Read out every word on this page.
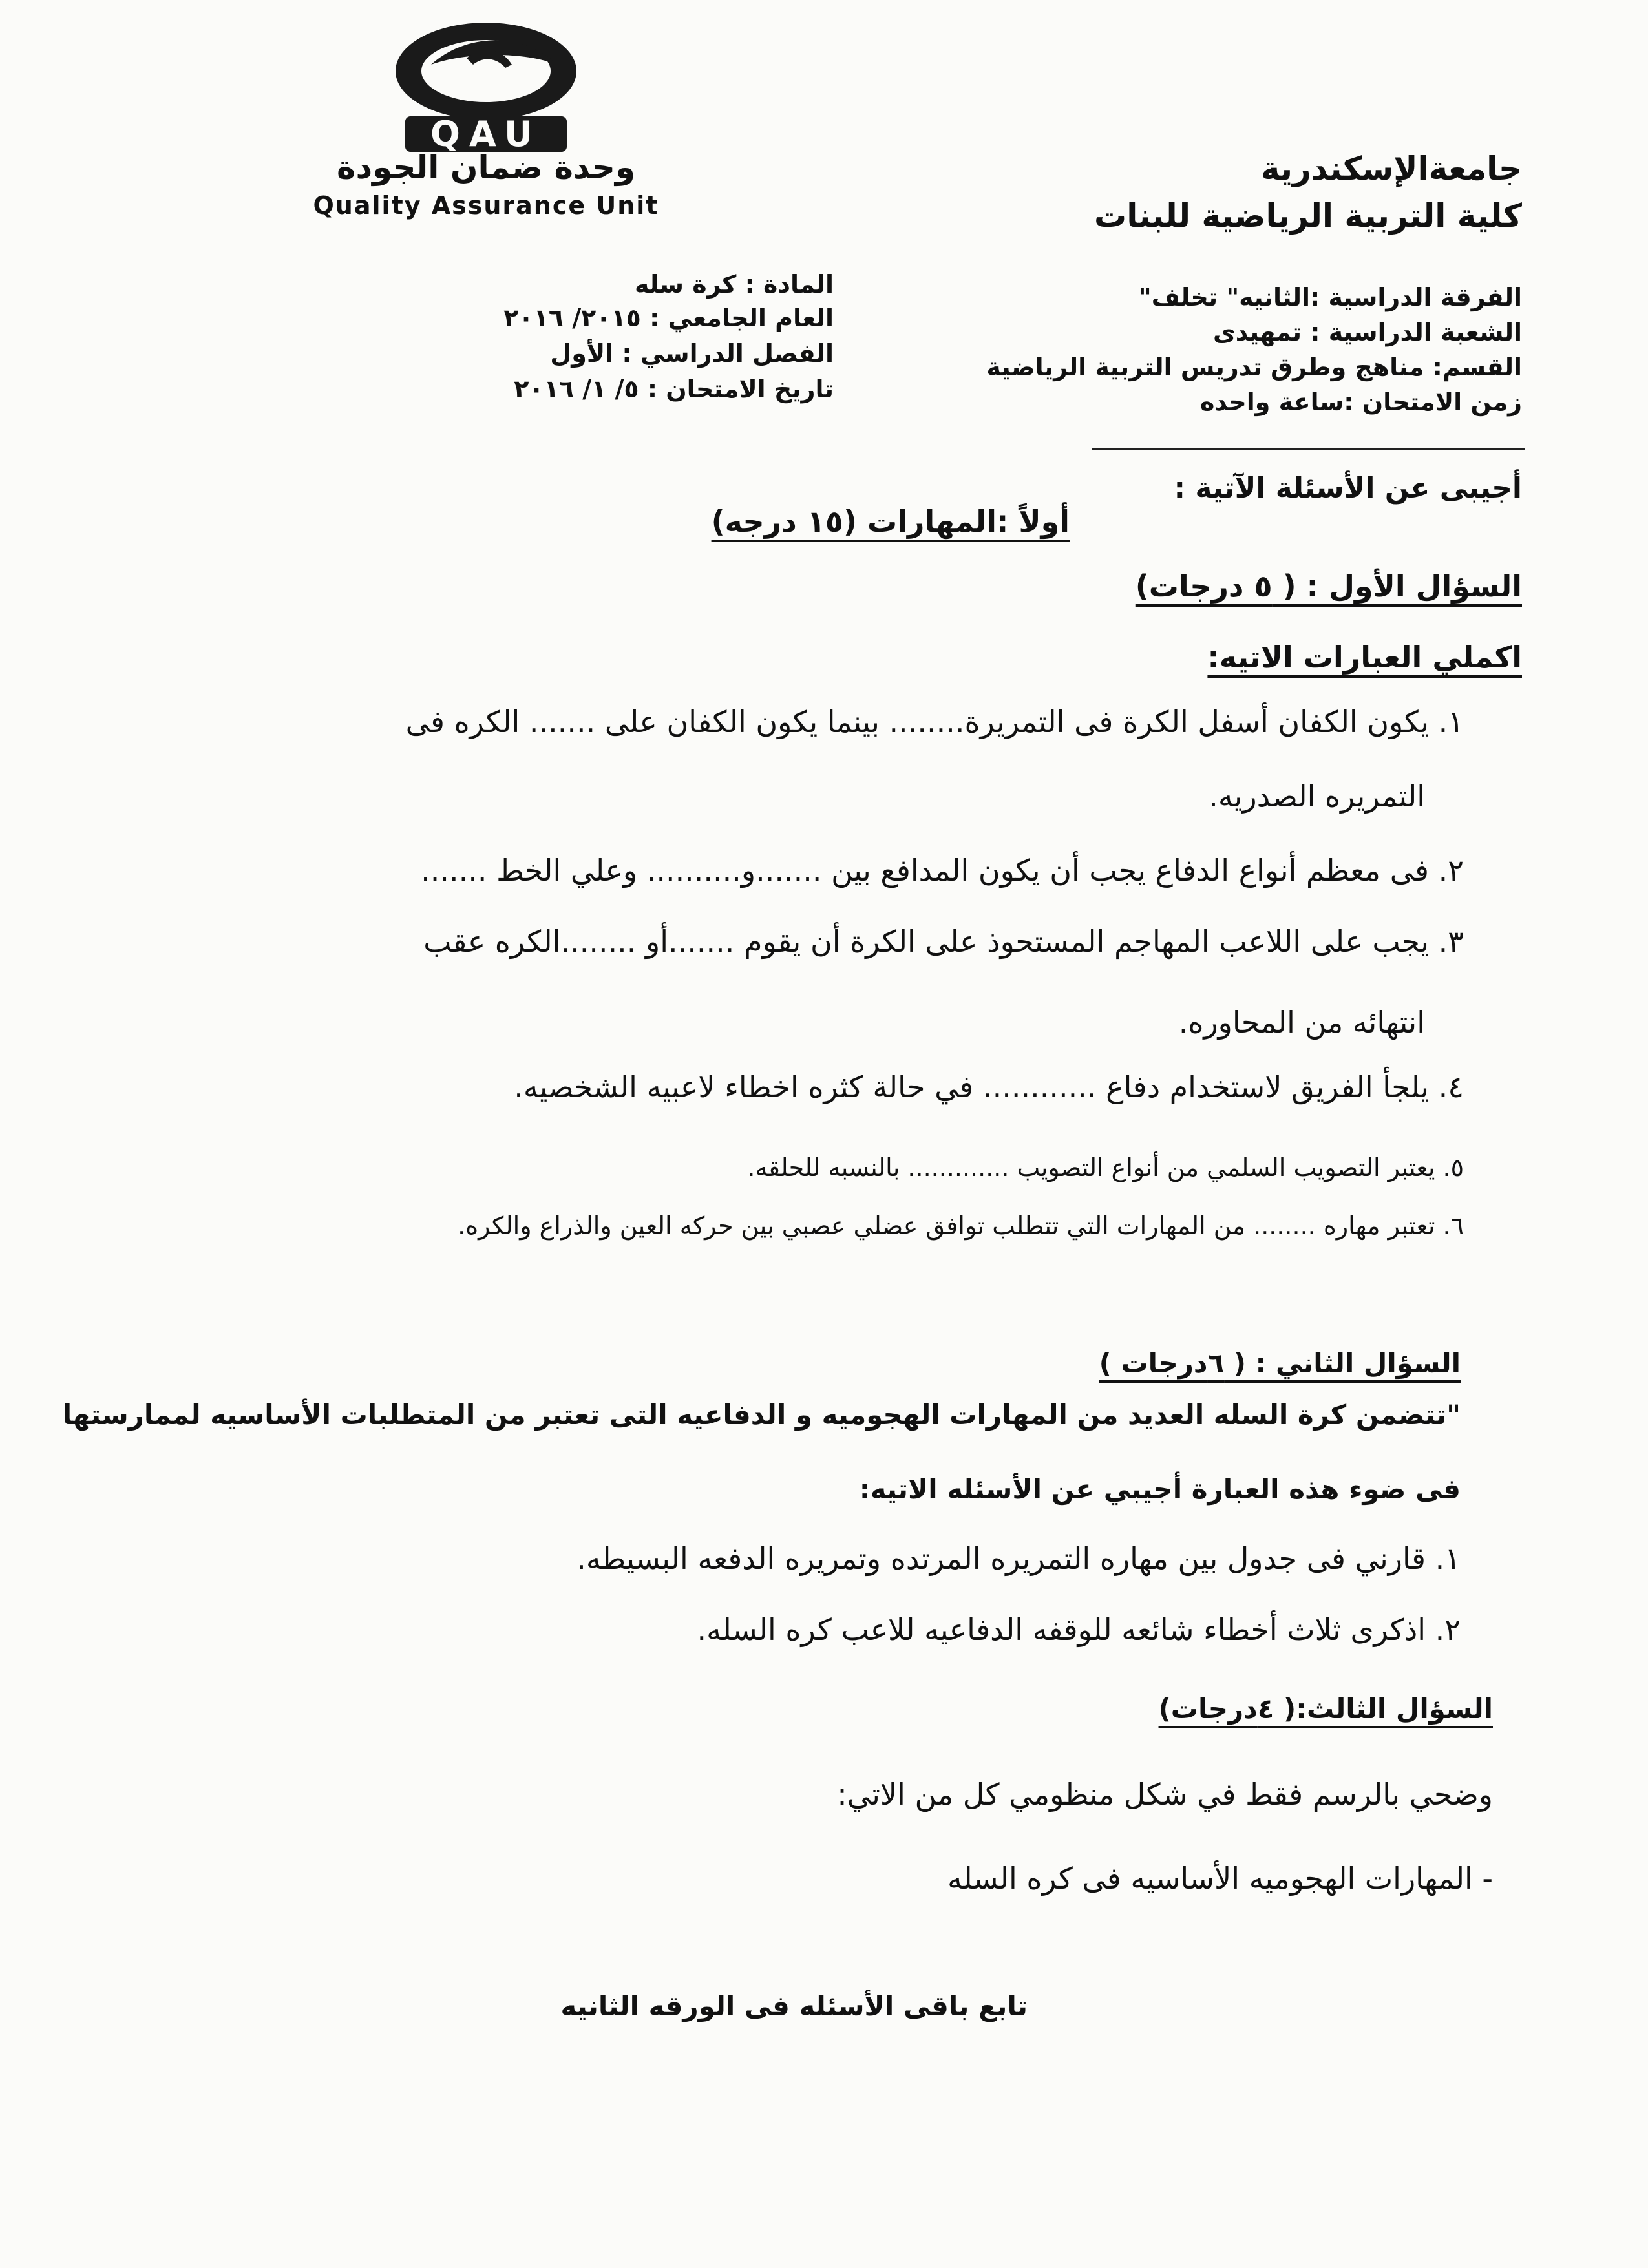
QAU
وحدة ضمان الجودة
Quality Assurance Unit
جامعةالإسكندرية
كلية التربية الرياضية للبنات
الفرقة الدراسية :الثانيه" تخلف"
الشعبة الدراسية : تمهيدى
القسم: مناهج وطرق تدريس التربية الرياضية
زمن الامتحان :ساعة واحده
المادة : كرة سله
العام الجامعي : ٢٠١٥/ ٢٠١٦
الفصل الدراسي : الأول
تاريخ الامتحان : ٥/ ١/ ٢٠١٦
أجيبى عن الأسئلة الآتية :
أولاً :المهارات (١٥ درجه)
السؤال الأول : ( ٥ درجات)
اكملي العبارات الاتيه:
١. يكون الكفان أسفل الكرة فى التمريرة........ بينما يكون الكفان على ....... الكره فى
التمريره الصدريه.
٢. فى معظم أنواع الدفاع يجب أن يكون المدافع بين .......و.......... وعلي الخط .......
٣. يجب على اللاعب المهاجم المستحوذ على الكرة أن يقوم .......أو ........الكره عقب
انتهائه من المحاوره.
٤. يلجأ الفريق لاستخدام دفاع ............ في حالة كثره اخطاء لاعبيه الشخصيه.
٥. يعتبر التصويب السلمي من أنواع التصويب ............. بالنسبه للحلقه.
٦. تعتبر مهاره ........ من المهارات التي تتطلب توافق عضلي عصبي بين حركه العين والذراع والكره.
السؤال الثاني : ( ٦درجات )
"تتضمن كرة السله العديد من المهارات الهجوميه و الدفاعيه التى تعتبر من المتطلبات الأساسيه لممارستها
فى ضوء هذه العبارة أجيبي عن الأسئله الاتيه:
١. قارني فى جدول بين مهاره التمريره المرتده وتمريره الدفعه البسيطه.
٢. اذكرى ثلاث أخطاء شائعه للوقفه الدفاعيه للاعب كره السله.
السؤال الثالث:( ٤درجات)
وضحي بالرسم فقط في شكل منظومي كل من الاتي:
- المهارات الهجوميه الأساسيه فى كره السله
تابع باقى الأسئله فى الورقه الثانيه
